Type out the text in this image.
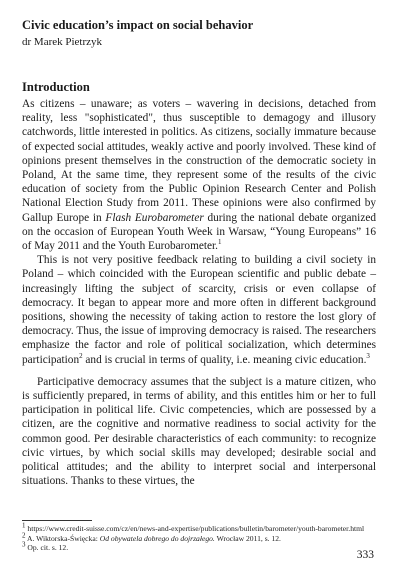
Civic education’s impact on social behavior
dr Marek Pietrzyk
Introduction

As citizens – unaware; as voters – wavering in decisions, detached from reality, less "sophisticated", thus susceptible to demagogy and illusory catchwords, little interested in politics. As citizens, socially immature because of expected social attitudes, weakly active and poorly involved. These kind of opinions present themselves in the construction of the democratic society in Poland, At the same time, they represent some of the results of the civic education of society from the Public Opinion Research Center and Polish National Election Study from 2011. These opinions were also confirmed by Gallup Europe in Flash Eurobarometer during the national debate organized on the occasion of European Youth Week in Warsaw, “Young Europeans” 16 of May 2011 and the Youth Eurobarometer.$^1$

This is not very positive feedback relating to building a civil society in Poland – which coincided with the European scientific and public debate – increasingly lifting the subject of scarcity, crisis or even collapse of democracy. It began to appear more and more often in different background positions, showing the necessity of taking action to restore the lost glory of democracy. Thus, the issue of improving democracy is raised. The researchers emphasize the factor and role of political socialization, which determines participation$^2$ and is crucial in terms of quality, i.e. meaning civic education.$^3$

Participative democracy assumes that the subject is a mature citizen, who is sufficiently prepared, in terms of ability, and this entitles him or her to full participation in political life. Civic competencies, which are possessed by a citizen, are the cognitive and normative readiness to social activity for the common good. Per desirable characteristics of each community: to recognize civic virtues, by which social skills may developed; desirable social and political attitudes; and the ability to interpret social and interpersonal situations. Thanks to these virtues, the

$^1$ https://www.credit-suisse.com/cz/en/news-and-expertise/publications/bulletin/barometer/youth-barometer.html
$^2$ A. Wiktorska-Święcka: Od obywatela dobrego do dojrzałego. Wrocław 2011, s. 12.
$^3$ Op. cit. s. 12.
333
